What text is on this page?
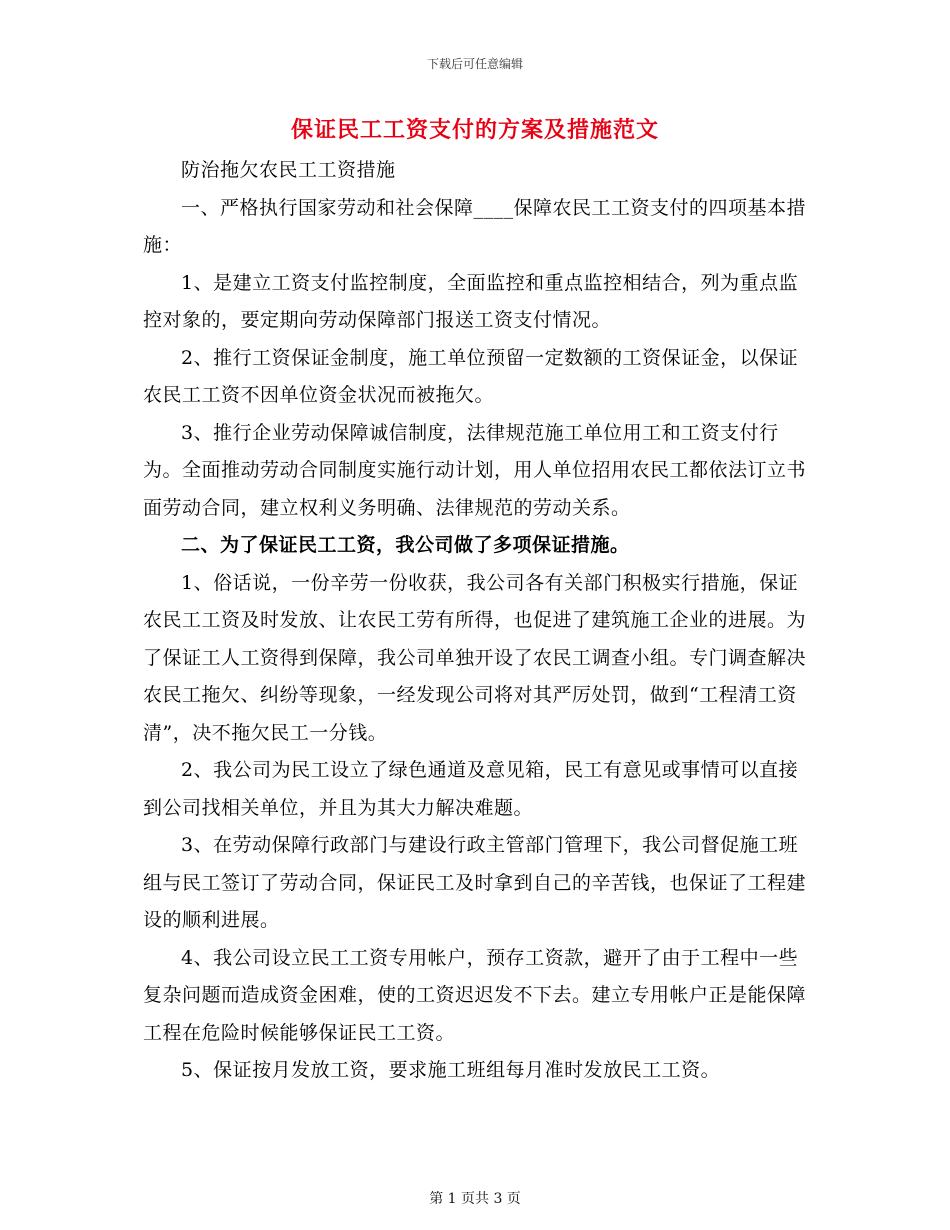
下载后可任意编辑
保证民工工资支付的方案及措施范文

防治拖欠农民工工资措施

一、严格执行国家劳动和社会保障____保障农民工工资支付的四项基本措施：

1、是建立工资支付监控制度，全面监控和重点监控相结合，列为重点监控对象的，要定期向劳动保障部门报送工资支付情况。

2、推行工资保证金制度，施工单位预留一定数额的工资保证金，以保证农民工工资不因单位资金状况而被拖欠。

3、推行企业劳动保障诚信制度，法律规范施工单位用工和工资支付行为。全面推动劳动合同制度实施行动计划，用人单位招用农民工都依法订立书面劳动合同，建立权利义务明确、法律规范的劳动关系。

二、为了保证民工工资，我公司做了多项保证措施。

1、俗话说，一份辛劳一份收获，我公司各有关部门积极实行措施，保证农民工工资及时发放、让农民工劳有所得，也促进了建筑施工企业的进展。为了保证工人工资得到保障，我公司单独开设了农民工调查小组。专门调查解决农民工拖欠、纠纷等现象，一经发现公司将对其严厉处罚，做到“工程清工资清”，决不拖欠民工一分钱。

2、我公司为民工设立了绿色通道及意见箱，民工有意见或事情可以直接到公司找相关单位，并且为其大力解决难题。

3、在劳动保障行政部门与建设行政主管部门管理下，我公司督促施工班组与民工签订了劳动合同，保证民工及时拿到自己的辛苦钱，也保证了工程建设的顺利进展。

4、我公司设立民工工资专用帐户，预存工资款，避开了由于工程中一些复杂问题而造成资金困难，使的工资迟迟发不下去。建立专用帐户正是能保障工程在危险时候能够保证民工工资。

5、保证按月发放工资，要求施工班组每月准时发放民工工资。

第 1 页共 3 页
